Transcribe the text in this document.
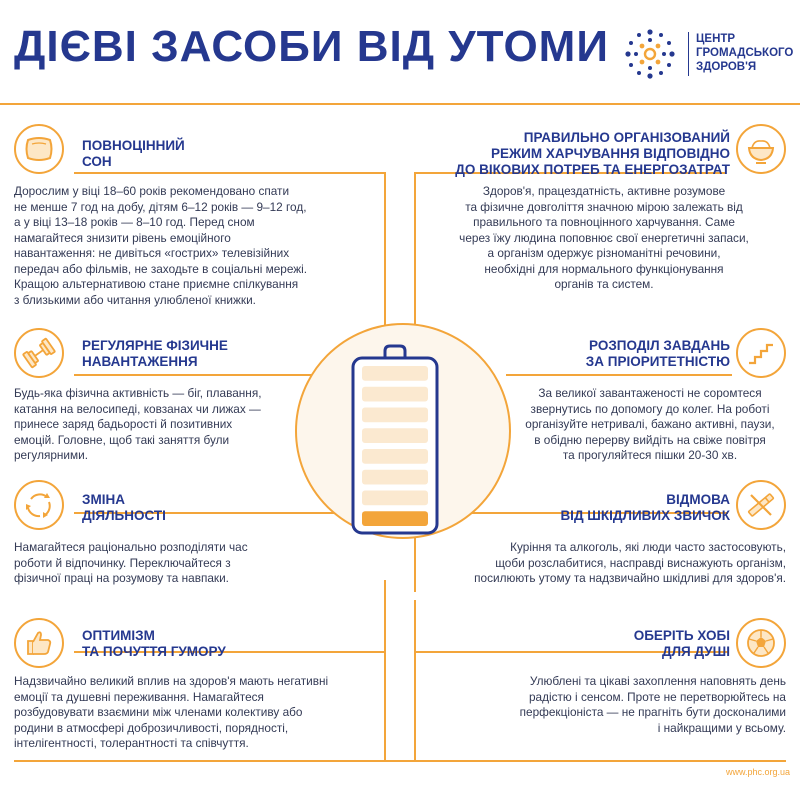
ДІЄВІ ЗАСОБИ ВІД УТОМИ	ЦЕНТР
ГРОМАДСЬКОГО
ЗДОРОВ'Я
ПОВНОЦІННИЙ
СОН
Дорослим у віці 18–60 років рекомендовано спати
не менше 7 год на добу, дітям 6–12 років — 9–12 год,
а у віці 13–18 років — 8–10 год. Перед сном
намагайтеся знизити рівень емоційного
навантаження: не дивіться «гострих» телевізійних
передач або фільмів, не заходьте в соціальні мережі.
Кращою альтернативою стане приємне спілкування
з близькими або читання улюбленої книжки.
ПРАВИЛЬНО ОРГАНІЗОВАНИЙ
РЕЖИМ ХАРЧУВАННЯ ВІДПОВІДНО
ДО ВІКОВИХ ПОТРЕБ ТА ЕНЕРГОЗАТРАТ
Здоров'я, працездатність, активне розумове
та фізичне довголіття значною мірою залежать від
правильного та повноцінного харчування. Саме
через їжу людина поповнює свої енергетичні запаси,
а організм одержує різноманітні речовини,
необхідні для нормального функціонування
органів та систем.
РЕГУЛЯРНЕ ФІЗИЧНЕ
НАВАНТАЖЕННЯ
Будь-яка фізична активність — біг, плавання,
катання на велосипеді, ковзанах чи лижах —
принесе заряд бадьорості й позитивних
емоцій. Головне, щоб такі заняття були
регулярними.
РОЗПОДІЛ ЗАВДАНЬ
ЗА ПРІОРИТЕТНІСТЮ
За великої завантаженості не соромтеся
звернутись по допомогу до колег. На роботі
організуйте нетривалі, бажано активні, паузи,
в обідню перерву вийдіть на свіже повітря
та прогуляйтеся пішки 20-30 хв.
ЗМІНА
ДІЯЛЬНОСТІ
Намагайтеся раціонально розподіляти час
роботи й відпочинку. Переключайтеся з
фізичної праці на розумову та навпаки.
ВІДМОВА
ВІД ШКІДЛИВИХ ЗВИЧОК
Куріння та алкоголь, які люди часто застосовують,
щоби розслабитися, насправді виснажують організм,
посилюють утому та надзвичайно шкідливі для здоров'я.
ОПТИМІЗМ
ТА ПОЧУТТЯ ГУМОРУ
Надзвичайно великий вплив на здоров'я мають негативні
емоції та душевні переживання. Намагайтеся
розбудовувати взаємини між членами колективу або
родини в атмосфері доброзичливості, порядності,
інтелігентності, толерантності та співчуття.
ОБЕРІТЬ ХОБІ
ДЛЯ ДУШІ
Улюблені та цікаві захоплення наповнять день
радістю і сенсом. Проте не перетворюйтесь на
перфекціоніста — не прагніть бути досконалими
і найкращими у всьому.
www.phc.org.ua
